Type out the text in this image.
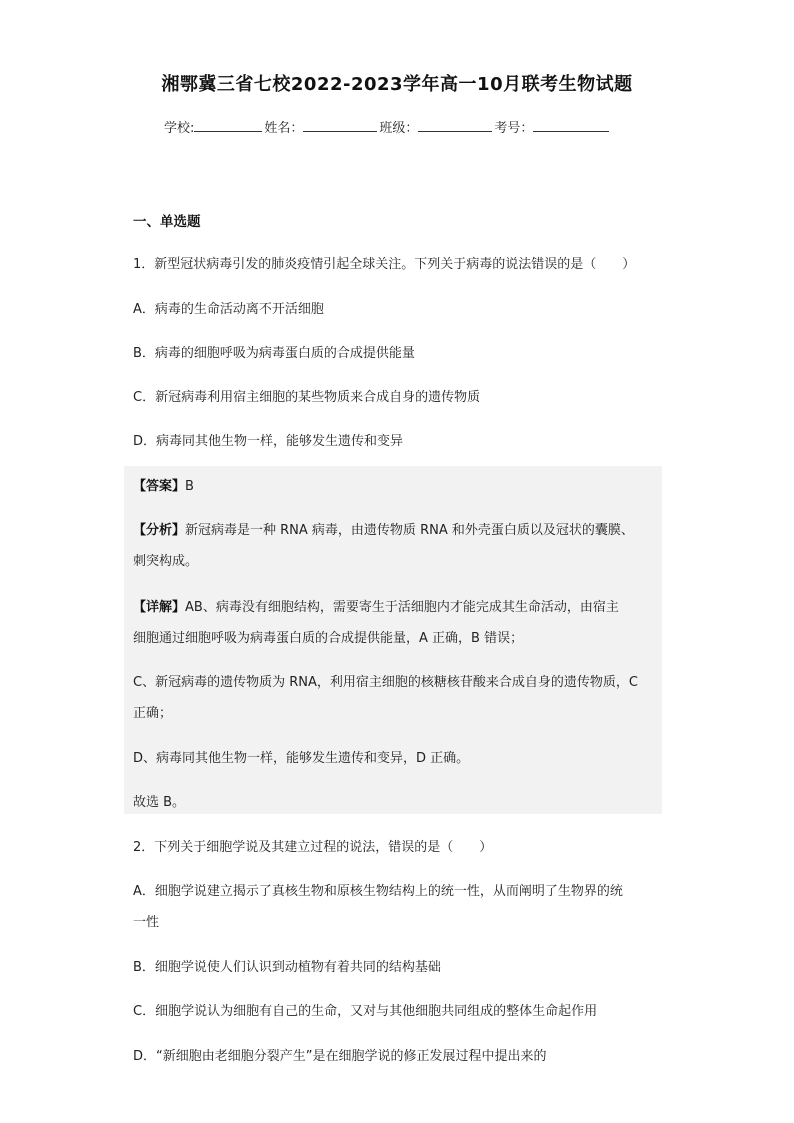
湘鄂冀三省七校2022-2023学年高一10月联考生物试题
学校:	姓名：	班级：	考号：
一、单选题
1．新型冠状病毒引发的肺炎疫情引起全球关注。下列关于病毒的说法错误的是（　　）
A．病毒的生命活动离不开活细胞
B．病毒的细胞呼吸为病毒蛋白质的合成提供能量
C．新冠病毒利用宿主细胞的某些物质来合成自身的遗传物质
D．病毒同其他生物一样，能够发生遗传和变异
【答案】B
【分析】新冠病毒是一种 RNA 病毒，由遗传物质 RNA 和外壳蛋白质以及冠状的囊膜、
刺突构成。
【详解】AB、病毒没有细胞结构，需要寄生于活细胞内才能完成其生命活动，由宿主
细胞通过细胞呼吸为病毒蛋白质的合成提供能量，A 正确，B 错误；
C、新冠病毒的遗传物质为 RNA，利用宿主细胞的核糖核苷酸来合成自身的遗传物质，C
正确；
D、病毒同其他生物一样，能够发生遗传和变异，D 正确。
故选 B。
2．下列关于细胞学说及其建立过程的说法，错误的是（　　）
A．细胞学说建立揭示了真核生物和原核生物结构上的统一性，从而阐明了生物界的统
一性
B．细胞学说使人们认识到动植物有着共同的结构基础
C．细胞学说认为细胞有自己的生命，又对与其他细胞共同组成的整体生命起作用
D．“新细胞由老细胞分裂产生”是在细胞学说的修正发展过程中提出来的
